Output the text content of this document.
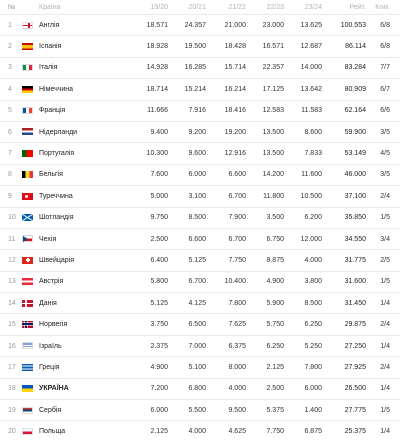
№		Країна	19/20	20/21	21/22	22/23	23/24	Рейт.	Ком.
1		Англія	18.571	24.357	21.000	23.000	13.625	100.553	6/8
2		Іспанія	18.928	19.500	18.428	16.571	12.687	86.114	6/8
3		Італія	14.928	16.285	15.714	22.357	14.000	83.284	7/7
4		Німеччина	18.714	15.214	16.214	17.125	13.642	80.909	6/7
5		Франція	11.666	7.916	18.416	12.583	11.583	62.164	6/6
6		Нідерланди	9.400	9.200	19.200	13.500	8.600	59.900	3/5
7		Португалія	10.300	9.600	12.916	13.500	7.833	53.149	4/5
8		Бельгія	7.600	6.000	6.600	14.200	11.600	46.000	3/5
9		Туреччина	5.000	3.100	6.700	11.800	10.500	37.100	2/4
10		Шотландія	9.750	8.500	7.900	3.500	6.200	35.850	1/5
11		Чехія	2.500	6.600	6.700	6.750	12.000	34.550	3/4
12		Швейцарія	6.400	5.125	7.750	8.875	4.000	31.775	2/5
13		Австрія	5.800	6.700	10.400	4.900	3.800	31.600	1/5
14		Данія	5.125	4.125	7.800	5.900	8.500	31.450	1/4
15		Норвегія	3.750	6.500	7.625	5.750	6.250	29.875	2/4
16		Ізраїль	2.375	7.000	6.375	6.250	5.250	27.250	1/4
17		Греція	4.900	5.100	8.000	2.125	7.800	27.925	2/4
18		УКРАЇНА	7.200	6.800	4.000	2.500	6.000	26.500	1/4
19		Сербія	6.000	5.500	9.500	5.375	1.400	27.775	1/5
20		Польща	2.125	4.000	4.625	7.750	6.875	25.375	1/4
